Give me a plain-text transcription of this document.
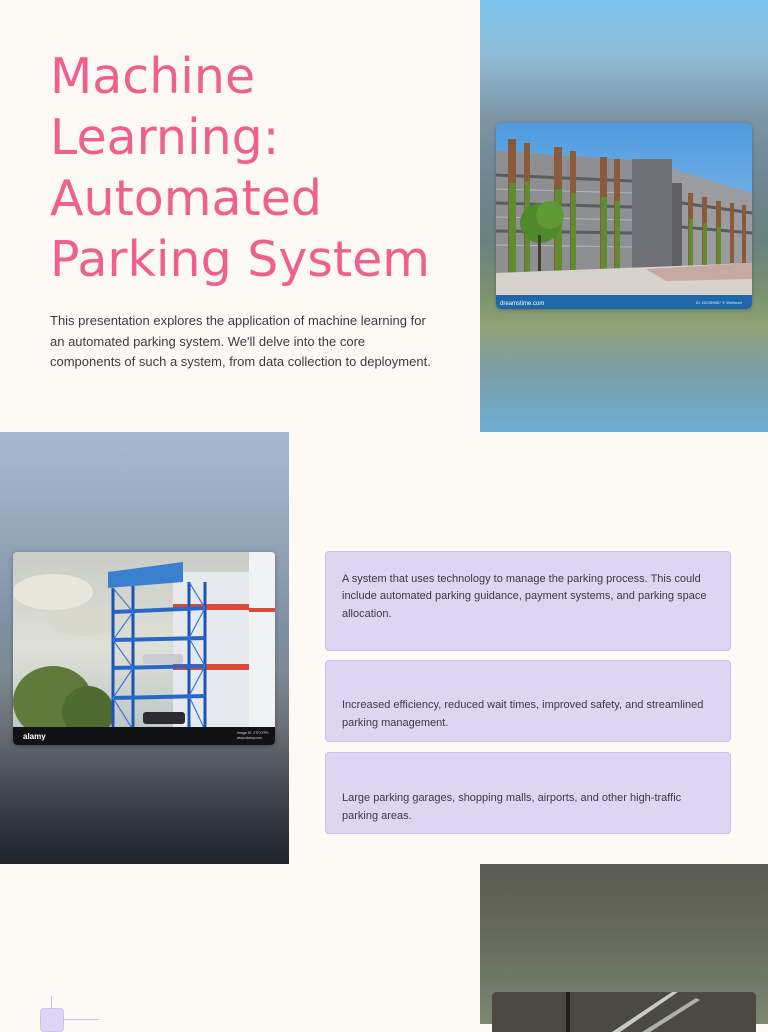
Machine Learning: Automated Parking System

This presentation explores the application of machine learning for an automated parking system. We'll delve into the core components of such a system, from data collection to deployment.

dreamstime.com	ID 152259667 © Wellmart
alamy	Image ID: 2TFXYPK
www.alamy.com

A system that uses technology to manage the parking process. This could include automated parking guidance, payment systems, and parking space allocation.

Increased efficiency, reduced wait times, improved safety, and streamlined parking management.

Large parking garages, shopping malls, airports, and other high-traffic parking areas.
